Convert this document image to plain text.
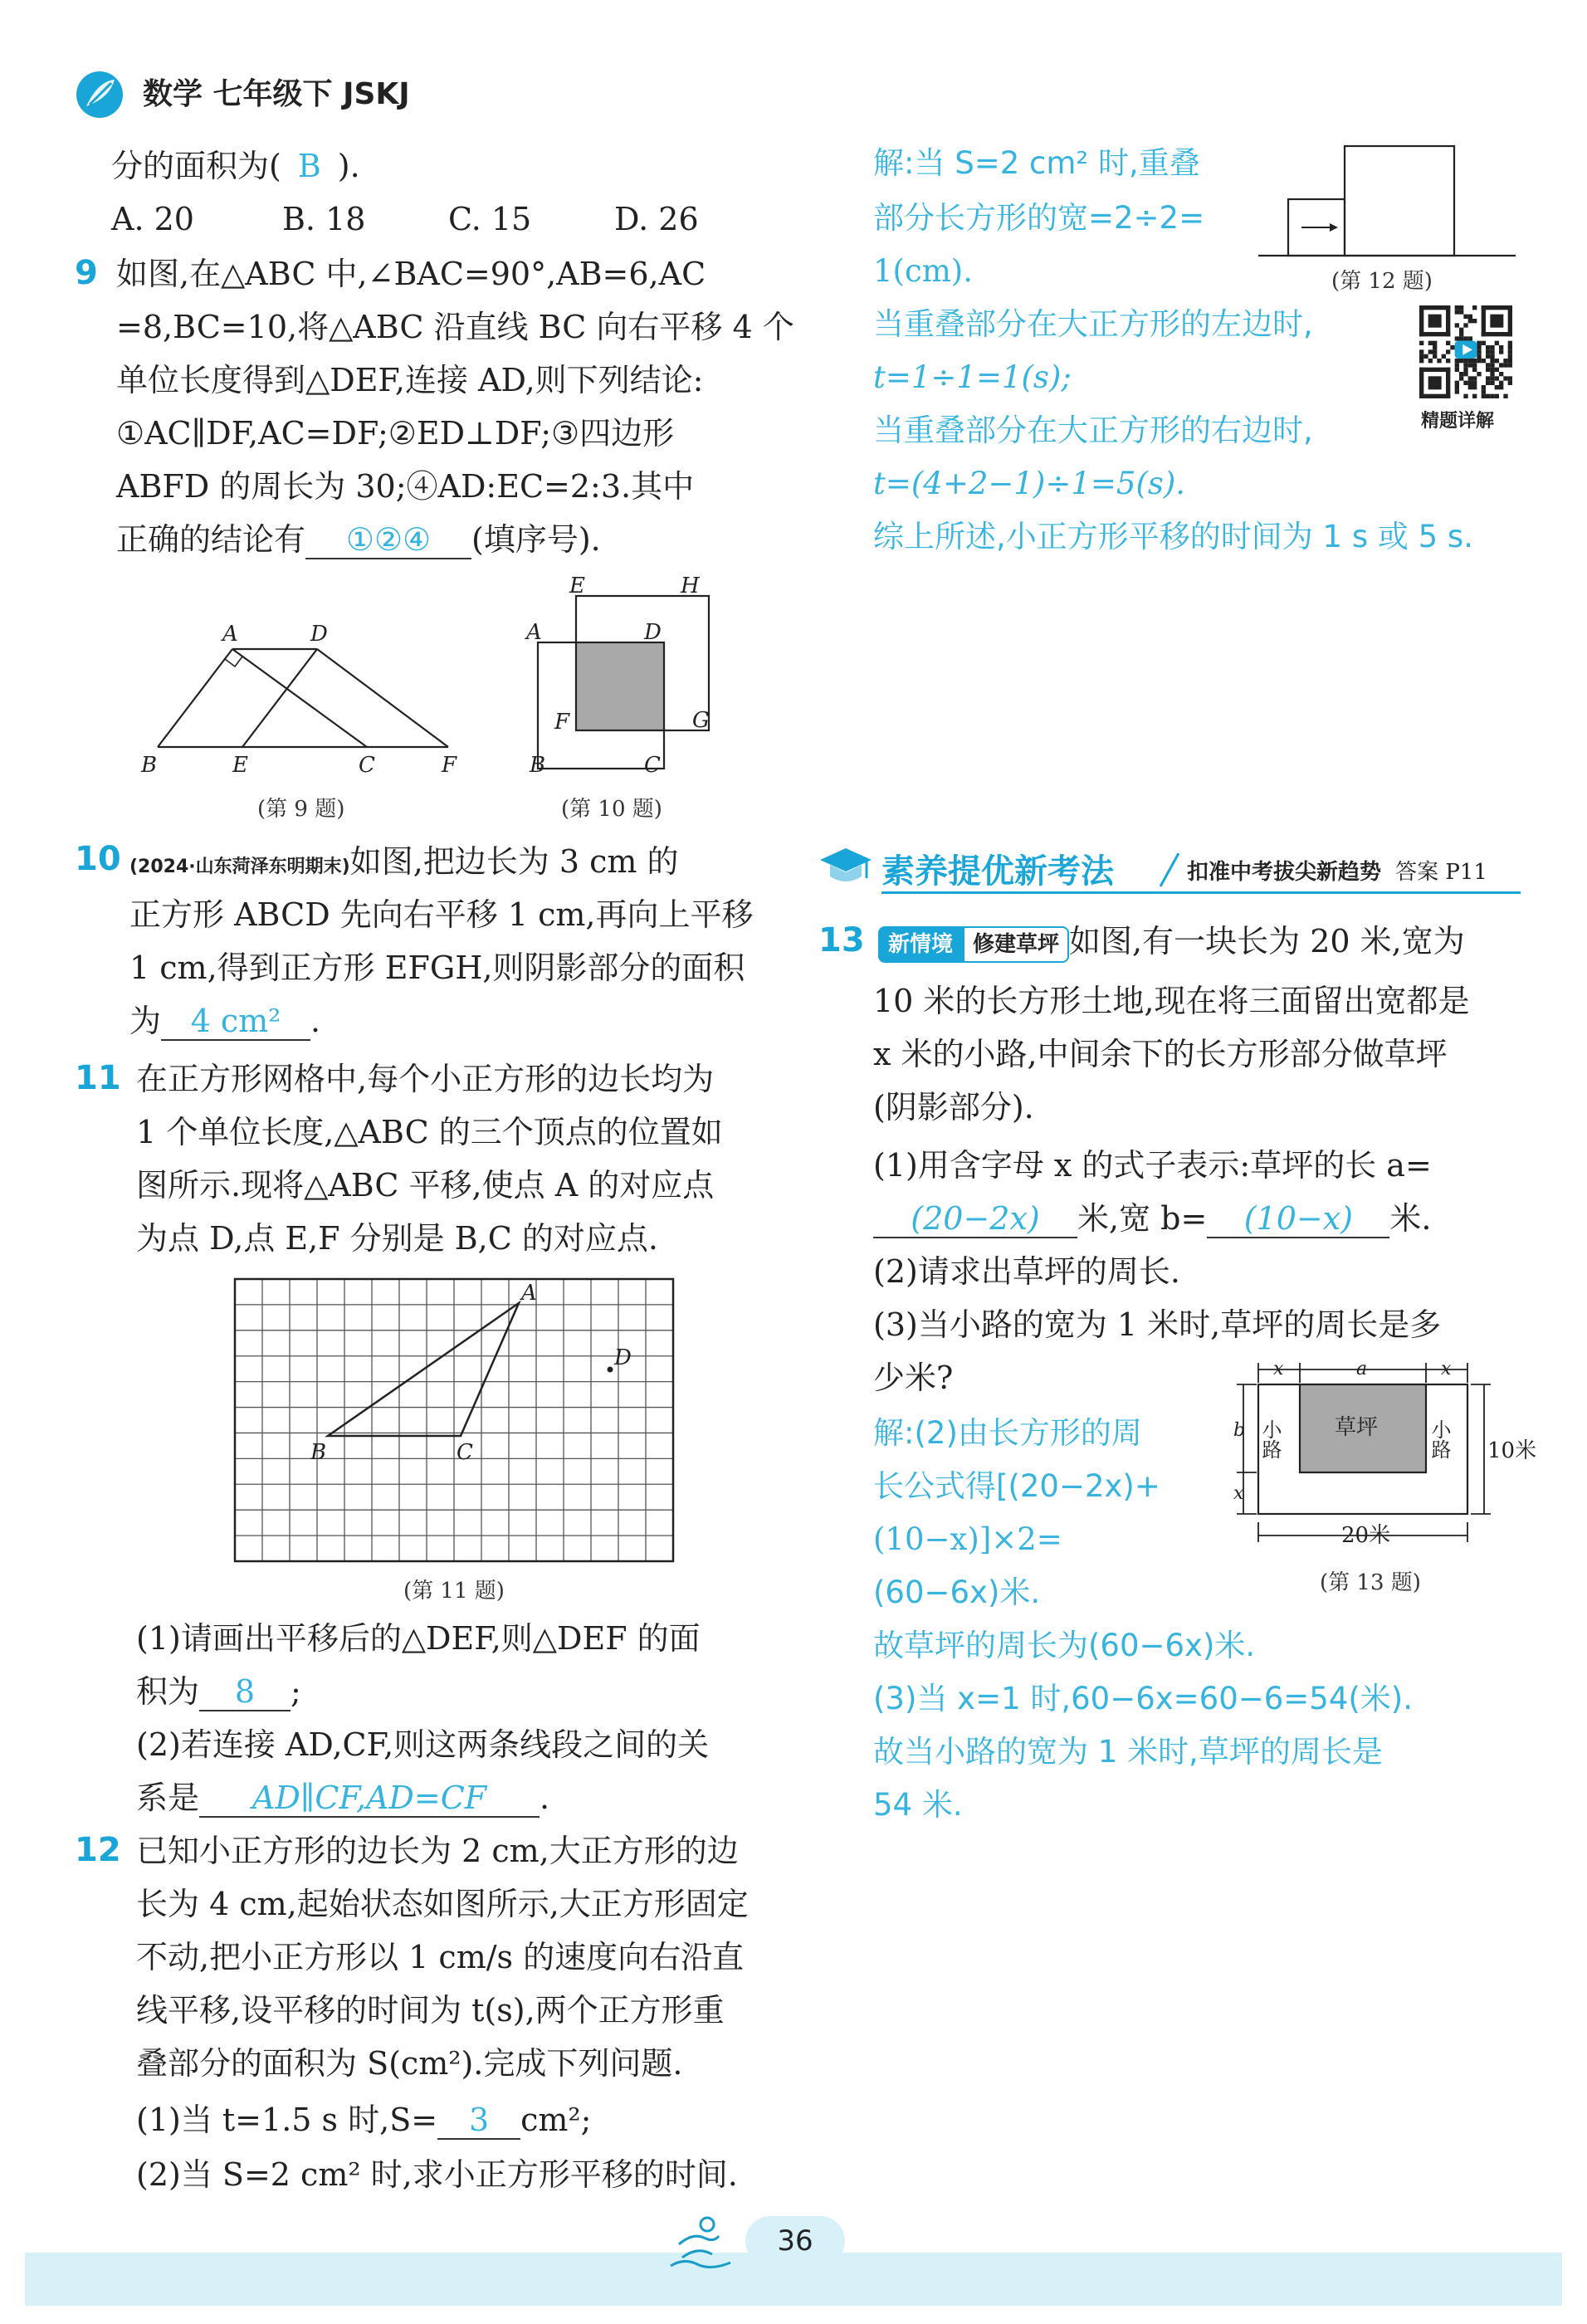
数学 七年级下 JSKJ
分的面积为( B ).
A. 20	B. 18	C. 15	D. 26
9 如图,在△ABC 中,∠BAC=90°,AB=6,AC
=8,BC=10,将△ABC 沿直线 BC 向右平移 4 个
单位长度得到△DEF,连接 AD,则下列结论:
①AC∥DF,AC=DF;②ED⊥DF;③四边形
ABFD 的周长为 30;④AD:EC=2:3.其中
正确的结论有 ①②④ (填序号).
A	D
B	E	C	F
(第 9 题)
E	H
A	D
F	G
B	C
(第 10 题)
10 (2024·山东菏泽东明期末)如图,把边长为 3 cm 的
正方形 ABCD 先向右平移 1 cm,再向上平移
1 cm,得到正方形 EFGH,则阴影部分的面积
为 4 cm² .
11 在正方形网格中,每个小正方形的边长均为
1 个单位长度,△ABC 的三个顶点的位置如
图所示.现将△ABC 平移,使点 A 的对应点
为点 D,点 E,F 分别是 B,C 的对应点.
A
B	C
D
(第 11 题)
(1)请画出平移后的△DEF,则△DEF 的面
积为 8 ;
(2)若连接 AD,CF,则这两条线段之间的关
系是 AD∥CF,AD=CF .
12 已知小正方形的边长为 2 cm,大正方形的边
长为 4 cm,起始状态如图所示,大正方形固定
不动,把小正方形以 1 cm/s 的速度向右沿直
线平移,设平移的时间为 t(s),两个正方形重
叠部分的面积为 S(cm²).完成下列问题.
(1)当 t=1.5 s 时,S= 3 cm²;
(2)当 S=2 cm² 时,求小正方形平移的时间.
解:当 S=2 cm² 时,重叠
部分长方形的宽=2÷2=
1(cm).
当重叠部分在大正方形的左边时,
t=1÷1=1(s);
当重叠部分在大正方形的右边时,
t=(4+2−1)÷1=5(s).
综上所述,小正方形平移的时间为 1 s 或 5 s.
(第 12 题)
精题详解
素养提优新考法	扣准中考拔尖新趋势 答案 P11
13	新情境 修建草坪 如图,有一块长为 20 米,宽为
10 米的长方形土地,现在将三面留出宽都是
x 米的小路,中间余下的长方形部分做草坪
(阴影部分).
(1)用含字母 x 的式子表示:草坪的长 a=
(20−2x) 米,宽 b= (10−x) 米.
(2)请求出草坪的周长.
(3)当小路的宽为 1 米时,草坪的周长是多
少米?
解:(2)由长方形的周
长公式得[(20−2x)+
(10−x)]×2=
(60−6x)米.
故草坪的周长为(60−6x)米.
(3)当 x=1 时,60−6x=60−6=54(米).
故当小路的宽为 1 米时,草坪的周长是
54 米.
x	a	x
b
x
小路	小路
草坪
10米
20米
(第 13 题)
36
